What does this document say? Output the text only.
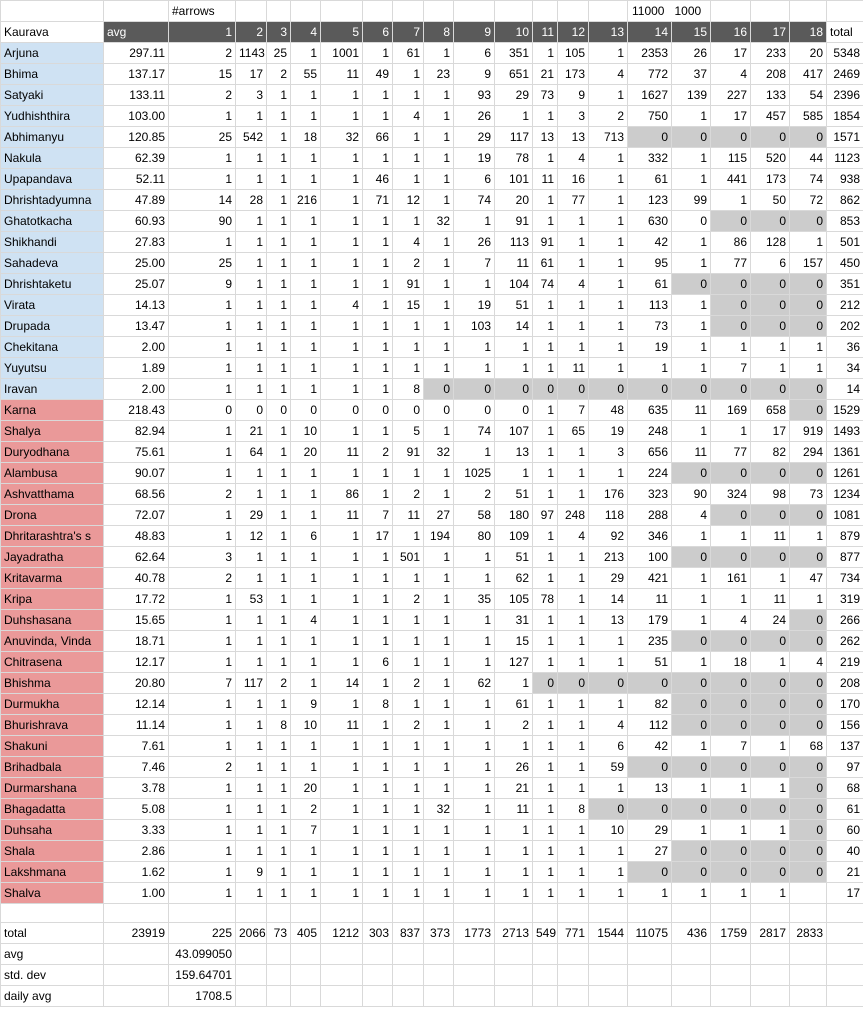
		#arrows													11000 1000					
Kaurava	avg	1	2	3	4	5	6	7	8	9	10	11	12	13	14	15	16	17	18	total
Arjuna	297.11	2	1143	25	1	1001	1	61	1	6	351	1	105	1	2353	26	17	233	20	5348
Bhima	137.17	15	17	2	55	11	49	1	23	9	651	21	173	4	772	37	4	208	417	2469
Satyaki	133.11	2	3	1	1	1	1	1	1	93	29	73	9	1	1627	139	227	133	54	2396
Yudhishthira	103.00	1	1	1	1	1	1	4	1	26	1	1	3	2	750	1	17	457	585	1854
Abhimanyu	120.85	25	542	1	18	32	66	1	1	29	117	13	13	713	0	0	0	0	0	1571
Nakula	62.39	1	1	1	1	1	1	1	1	19	78	1	4	1	332	1	115	520	44	1123
Upapandava	52.11	1	1	1	1	1	46	1	1	6	101	11	16	1	61	1	441	173	74	938
Dhrishtadyumna	47.89	14	28	1	216	1	71	12	1	74	20	1	77	1	123	99	1	50	72	862
Ghatotkacha	60.93	90	1	1	1	1	1	1	32	1	91	1	1	1	630	0	0	0	0	853
Shikhandi	27.83	1	1	1	1	1	1	4	1	26	113	91	1	1	42	1	86	128	1	501
Sahadeva	25.00	25	1	1	1	1	1	2	1	7	11	61	1	1	95	1	77	6	157	450
Dhrishtaketu	25.07	9	1	1	1	1	1	91	1	1	104	74	4	1	61	0	0	0	0	351
Virata	14.13	1	1	1	1	4	1	15	1	19	51	1	1	1	113	1	0	0	0	212
Drupada	13.47	1	1	1	1	1	1	1	1	103	14	1	1	1	73	1	0	0	0	202
Chekitana	2.00	1	1	1	1	1	1	1	1	1	1	1	1	1	19	1	1	1	1	36
Yuyutsu	1.89	1	1	1	1	1	1	1	1	1	1	1	11	1	1	1	7	1	1	34
Iravan	2.00	1	1	1	1	1	1	8	0	0	0	0	0	0	0	0	0	0	0	14
Karna	218.43	0	0	0	0	0	0	0	0	0	0	1	7	48	635	11	169	658	0	1529
Shalya	82.94	1	21	1	10	1	1	5	1	74	107	1	65	19	248	1	1	17	919	1493
Duryodhana	75.61	1	64	1	20	11	2	91	32	1	13	1	1	3	656	11	77	82	294	1361
Alambusa	90.07	1	1	1	1	1	1	1	1	1025	1	1	1	1	224	0	0	0	0	1261
Ashvatthama	68.56	2	1	1	1	86	1	2	1	2	51	1	1	176	323	90	324	98	73	1234
Drona	72.07	1	29	1	1	11	7	11	27	58	180	97	248	118	288	4	0	0	0	1081
Dhritarashtra's s	48.83	1	12	1	6	1	17	1	194	80	109	1	4	92	346	1	1	11	1	879
Jayadratha	62.64	3	1	1	1	1	1	501	1	1	51	1	1	213	100	0	0	0	0	877
Kritavarma	40.78	2	1	1	1	1	1	1	1	1	62	1	1	29	421	1	161	1	47	734
Kripa	17.72	1	53	1	1	1	1	2	1	35	105	78	1	14	11	1	1	11	1	319
Duhshasana	15.65	1	1	1	4	1	1	1	1	1	31	1	1	13	179	1	4	24	0	266
Anuvinda, Vinda	18.71	1	1	1	1	1	1	1	1	1	15	1	1	1	235	0	0	0	0	262
Chitrasena	12.17	1	1	1	1	1	6	1	1	1	127	1	1	1	51	1	18	1	4	219
Bhishma	20.80	7	117	2	1	14	1	2	1	62	1	0	0	0	0	0	0	0	0	208
Durmukha	12.14	1	1	1	9	1	8	1	1	1	61	1	1	1	82	0	0	0	0	170
Bhurishrava	11.14	1	1	8	10	11	1	2	1	1	2	1	1	4	112	0	0	0	0	156
Shakuni	7.61	1	1	1	1	1	1	1	1	1	1	1	1	6	42	1	7	1	68	137
Brihadbala	7.46	2	1	1	1	1	1	1	1	1	26	1	1	59	0	0	0	0	0	97
Durmarshana	3.78	1	1	1	20	1	1	1	1	1	21	1	1	1	13	1	1	1	0	68
Bhagadatta	5.08	1	1	1	2	1	1	1	32	1	11	1	8	0	0	0	0	0	0	61
Duhsaha	3.33	1	1	1	7	1	1	1	1	1	1	1	1	10	29	1	1	1	0	60
Shala	2.86	1	1	1	1	1	1	1	1	1	1	1	1	1	27	0	0	0	0	40
Lakshmana	1.62	1	9	1	1	1	1	1	1	1	1	1	1	1	0	0	0	0	0	21
Shalva	1.00	1	1	1	1	1	1	1	1	1	1	1	1	1	1	1	1	1		17

total	23919	225	2066	73	405	1212	303	837	373	1773	2713	549	771	1544	11075	436	1759	2817	2833	
avg		43.099050																		
std. dev		159.64701																		
daily avg		1708.5																		
